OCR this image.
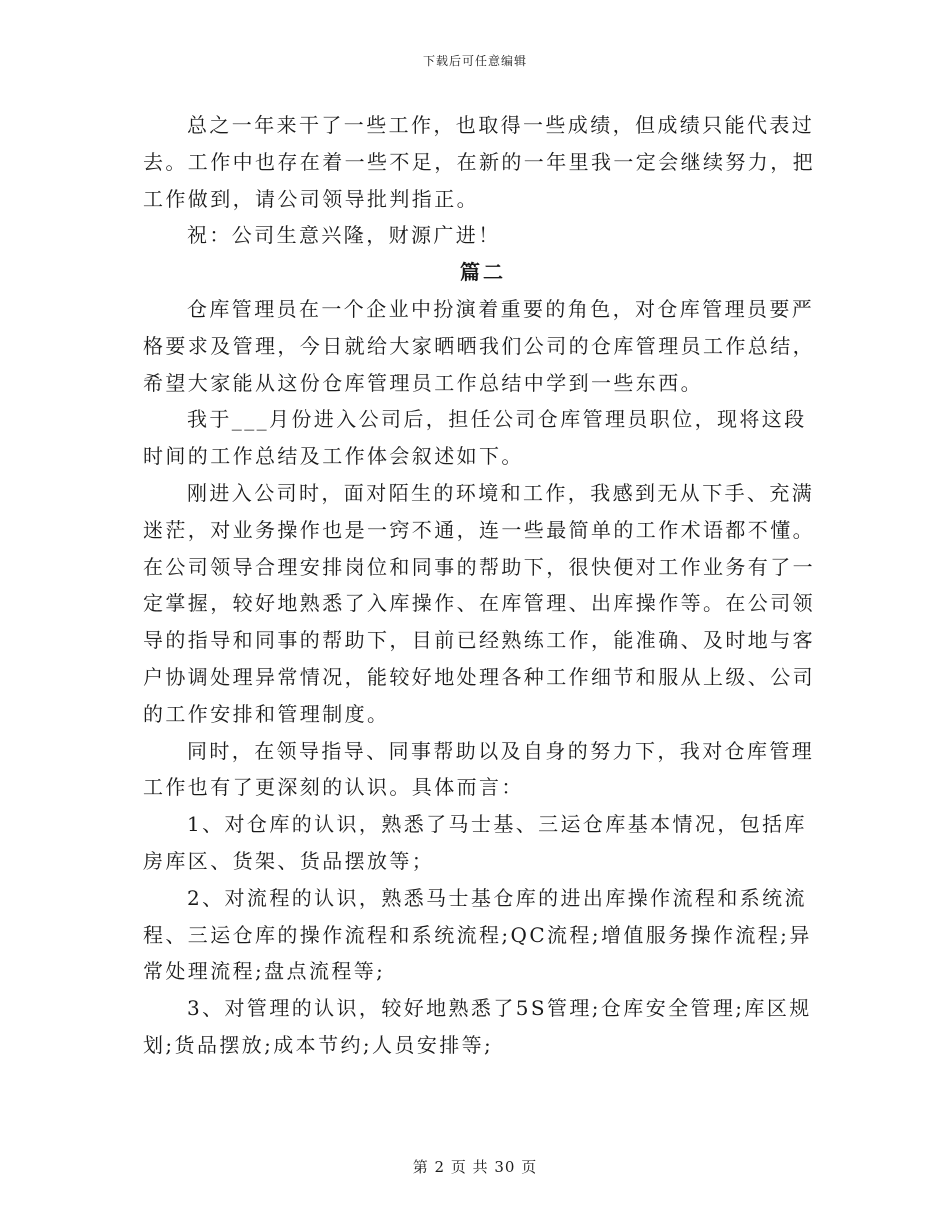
下载后可任意编辑

总之一年来干了一些工作，也取得一些成绩，但成绩只能代表过去。工作中也存在着一些不足，在新的一年里我一定会继续努力，把工作做到，请公司领导批判指正。

祝：公司生意兴隆，财源广进！

篇二

仓库管理员在一个企业中扮演着重要的角色，对仓库管理员要严格要求及管理，今日就给大家晒晒我们公司的仓库管理员工作总结，希望大家能从这份仓库管理员工作总结中学到一些东西。

我于___月份进入公司后，担任公司仓库管理员职位，现将这段时间的工作总结及工作体会叙述如下。

刚进入公司时，面对陌生的环境和工作，我感到无从下手、充满迷茫，对业务操作也是一窍不通，连一些最简单的工作术语都不懂。在公司领导合理安排岗位和同事的帮助下，很快便对工作业务有了一定掌握，较好地熟悉了入库操作、在库管理、出库操作等。在公司领导的指导和同事的帮助下，目前已经熟练工作，能准确、及时地与客户协调处理异常情况，能较好地处理各种工作细节和服从上级、公司的工作安排和管理制度。

同时，在领导指导、同事帮助以及自身的努力下，我对仓库管理工作也有了更深刻的认识。具体而言：

1、对仓库的认识，熟悉了马士基、三运仓库基本情况，包括库房库区、货架、货品摆放等；

2、对流程的认识，熟悉马士基仓库的进出库操作流程和系统流程、三运仓库的操作流程和系统流程;QC流程;增值服务操作流程;异常处理流程;盘点流程等;

3、对管理的认识，较好地熟悉了5S管理;仓库安全管理;库区规划;货品摆放;成本节约;人员安排等;

第 2 页 共 30 页
